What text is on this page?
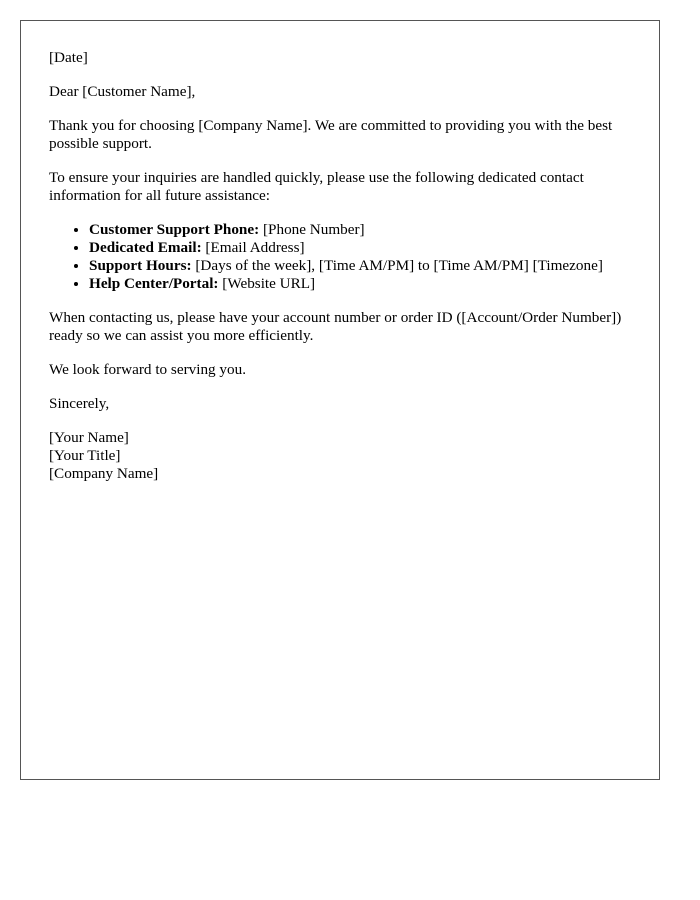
[Date]

Dear [Customer Name],

Thank you for choosing [Company Name]. We are committed to providing you with the best possible support.

To ensure your inquiries are handled quickly, please use the following dedicated contact information for all future assistance:

• Customer Support Phone: [Phone Number]
• Dedicated Email: [Email Address]
• Support Hours: [Days of the week], [Time AM/PM] to [Time AM/PM] [Timezone]
• Help Center/Portal: [Website URL]

When contacting us, please have your account number or order ID ([Account/Order Number]) ready so we can assist you more efficiently.

We look forward to serving you.

Sincerely,

[Your Name]
[Your Title]
[Company Name]
